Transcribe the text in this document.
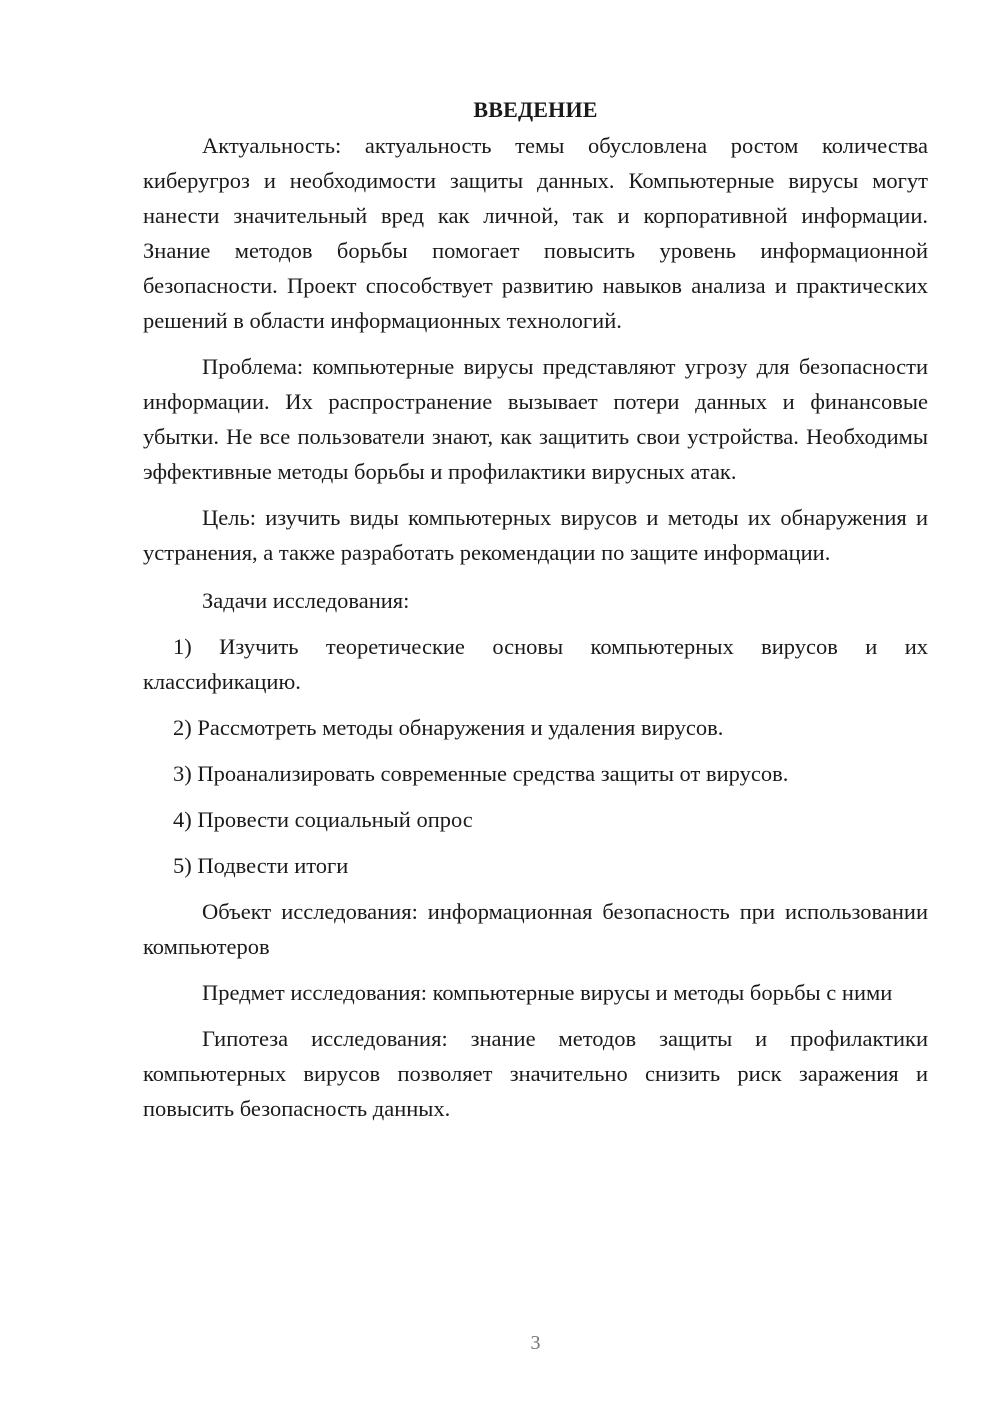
ВВЕДЕНИЕ

Актуальность: актуальность темы обусловлена ростом количества киберугроз и необходимости защиты данных. Компьютерные вирусы могут нанести значительный вред как личной, так и корпоративной информации. Знание методов борьбы помогает повысить уровень информационной безопасности. Проект способствует развитию навыков анализа и практических решений в области информационных технологий.

Проблема: компьютерные вирусы представляют угрозу для безопасности информации. Их распространение вызывает потери данных и финансовые убытки. Не все пользователи знают, как защитить свои устройства. Необходимы эффективные методы борьбы и профилактики вирусных атак.

Цель: изучить виды компьютерных вирусов и методы их обнаружения и устранения, а также разработать рекомендации по защите информации.

Задачи исследования:

1) Изучить теоретические основы компьютерных вирусов и их классификацию.

2) Рассмотреть методы обнаружения и удаления вирусов.

3) Проанализировать современные средства защиты от вирусов.

4) Провести социальный опрос

5) Подвести итоги

Объект исследования: информационная безопасность при использовании компьютеров

Предмет исследования: компьютерные вирусы и методы борьбы с ними

Гипотеза исследования: знание методов защиты и профилактики компьютерных вирусов позволяет значительно снизить риск заражения и повысить безопасность данных.

3
